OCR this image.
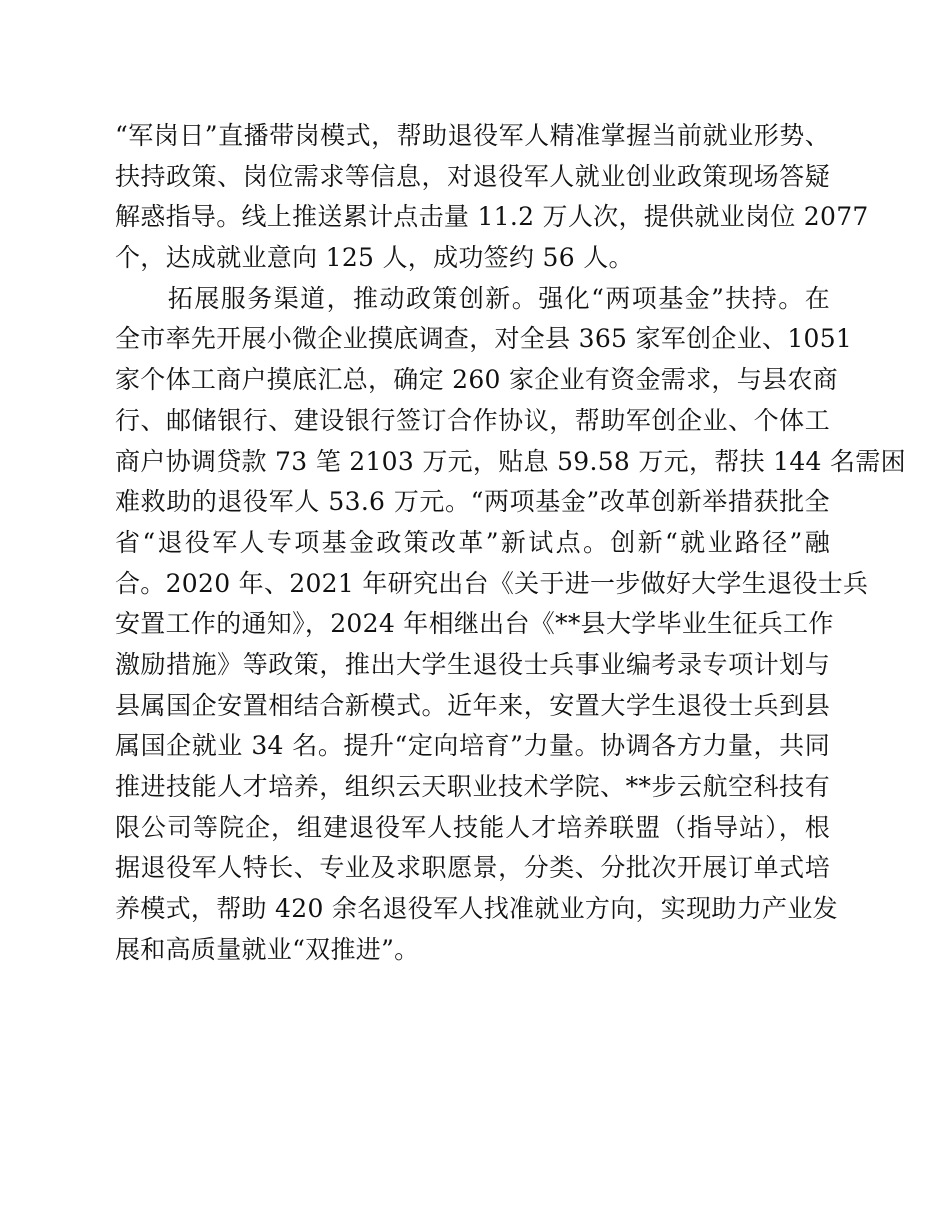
“军岗日”直播带岗模式，帮助退役军人精准掌握当前就业形势、
扶持政策、岗位需求等信息，对退役军人就业创业政策现场答疑
解惑指导。线上推送累计点击量 11.2 万人次，提供就业岗位 2077
个，达成就业意向 125 人，成功签约 56 人。
　　拓展服务渠道，推动政策创新。强化“两项基金”扶持。在
全市率先开展小微企业摸底调查，对全县 365 家军创企业、1051
家个体工商户摸底汇总，确定 260 家企业有资金需求，与县农商
行、邮储银行、建设银行签订合作协议，帮助军创企业、个体工
商户协调贷款 73 笔 2103 万元，贴息 59.58 万元，帮扶 144 名需困
难救助的退役军人 53.6 万元。“两项基金”改革创新举措获批全
省“退役军人专项基金政策改革”新试点。创新“就业路径”融
合。2020 年、2021 年研究出台《关于进一步做好大学生退役士兵
安置工作的通知》，2024 年相继出台《**县大学毕业生征兵工作
激励措施》等政策，推出大学生退役士兵事业编考录专项计划与
县属国企安置相结合新模式。近年来，安置大学生退役士兵到县
属国企就业 34 名。提升“定向培育”力量。协调各方力量，共同
推进技能人才培养，组织云天职业技术学院、**步云航空科技有
限公司等院企，组建退役军人技能人才培养联盟（指导站），根
据退役军人特长、专业及求职愿景，分类、分批次开展订单式培
养模式，帮助 420 余名退役军人找准就业方向，实现助力产业发
展和高质量就业“双推进”。
